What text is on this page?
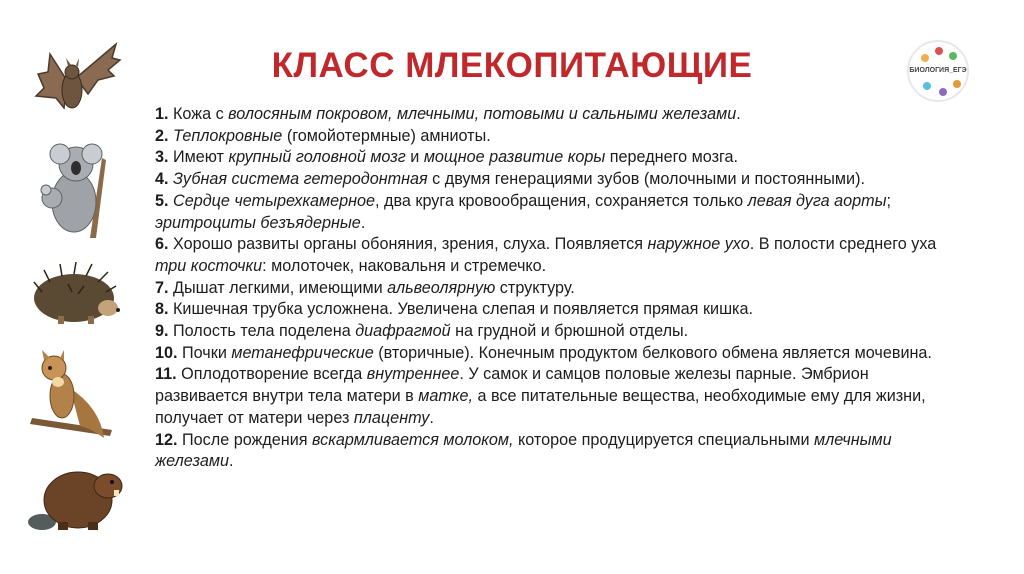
КЛАСС МЛЕКОПИТАЮЩИЕ	БИОЛОГИЯ_ЕГЭ
1. Кожа с волосяным покровом, млечными, потовыми и сальными железами.
2. Теплокровные (гомойотермные) амниоты.
3. Имеют крупный головной мозг и мощное развитие коры переднего мозга.
4. Зубная система гетеродонтная с двумя генерациями зубов (молочными и постоянными).
5. Сердце четырехкамерное, два круга кровообращения, сохраняется только левая дуга аорты; эритроциты безъядерные.
6. Хорошо развиты органы обоняния, зрения, слуха. Появляется наружное ухо. В полости среднего уха три косточки: молоточек, наковальня и стремечко.
7. Дышат легкими, имеющими альвеолярную структуру.
8. Кишечная трубка усложнена. Увеличена слепая и появляется прямая кишка.
9. Полость тела поделена диафрагмой на грудной и брюшной отделы.
10. Почки метанефрические (вторичные). Конечным продуктом белкового обмена является мочевина.
11. Оплодотворение всегда внутреннее. У самок и самцов половые железы парные. Эмбрион развивается внутри тела матери в матке, а все питательные вещества, необходимые ему для жизни, получает от матери через плаценту.
12. После рождения вскармливается молоком, которое продуцируется специальными млечными железами.
